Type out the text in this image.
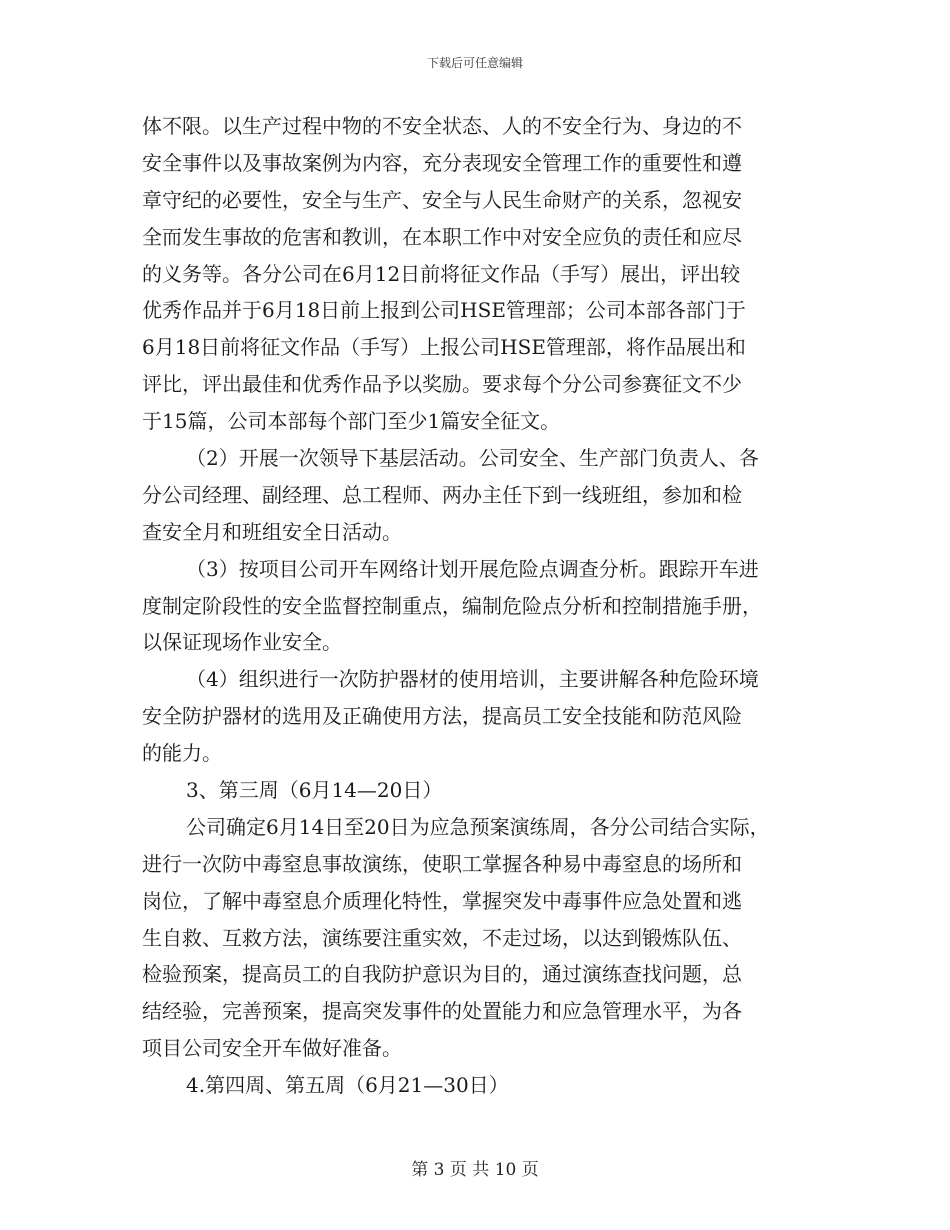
下载后可任意编辑
体不限。以生产过程中物的不安全状态、人的不安全行为、身边的不
安全事件以及事故案例为内容，充分表现安全管理工作的重要性和遵
章守纪的必要性，安全与生产、安全与人民生命财产的关系，忽视安
全而发生事故的危害和教训，在本职工作中对安全应负的责任和应尽
的义务等。各分公司在6月12日前将征文作品（手写）展出，评出较
优秀作品并于6月18日前上报到公司HSE管理部；公司本部各部门于
6月18日前将征文作品（手写）上报公司HSE管理部，将作品展出和
评比，评出最佳和优秀作品予以奖励。要求每个分公司参赛征文不少
于15篇，公司本部每个部门至少1篇安全征文。
（2）开展一次领导下基层活动。公司安全、生产部门负责人、各
分公司经理、副经理、总工程师、两办主任下到一线班组，参加和检
查安全月和班组安全日活动。
（3）按项目公司开车网络计划开展危险点调查分析。跟踪开车进
度制定阶段性的安全监督控制重点，编制危险点分析和控制措施手册，
以保证现场作业安全。
（4）组织进行一次防护器材的使用培训，主要讲解各种危险环境
安全防护器材的选用及正确使用方法，提高员工安全技能和防范风险
的能力。
3、第三周（6月14—20日）
公司确定6月14日至20日为应急预案演练周，各分公司结合实际，
进行一次防中毒窒息事故演练，使职工掌握各种易中毒窒息的场所和
岗位，了解中毒窒息介质理化特性，掌握突发中毒事件应急处置和逃
生自救、互救方法，演练要注重实效，不走过场，以达到锻炼队伍、
检验预案，提高员工的自我防护意识为目的，通过演练查找问题，总
结经验，完善预案，提高突发事件的处置能力和应急管理水平，为各
项目公司安全开车做好准备。
4.第四周、第五周（6月21—30日）
第 3 页 共 10 页
